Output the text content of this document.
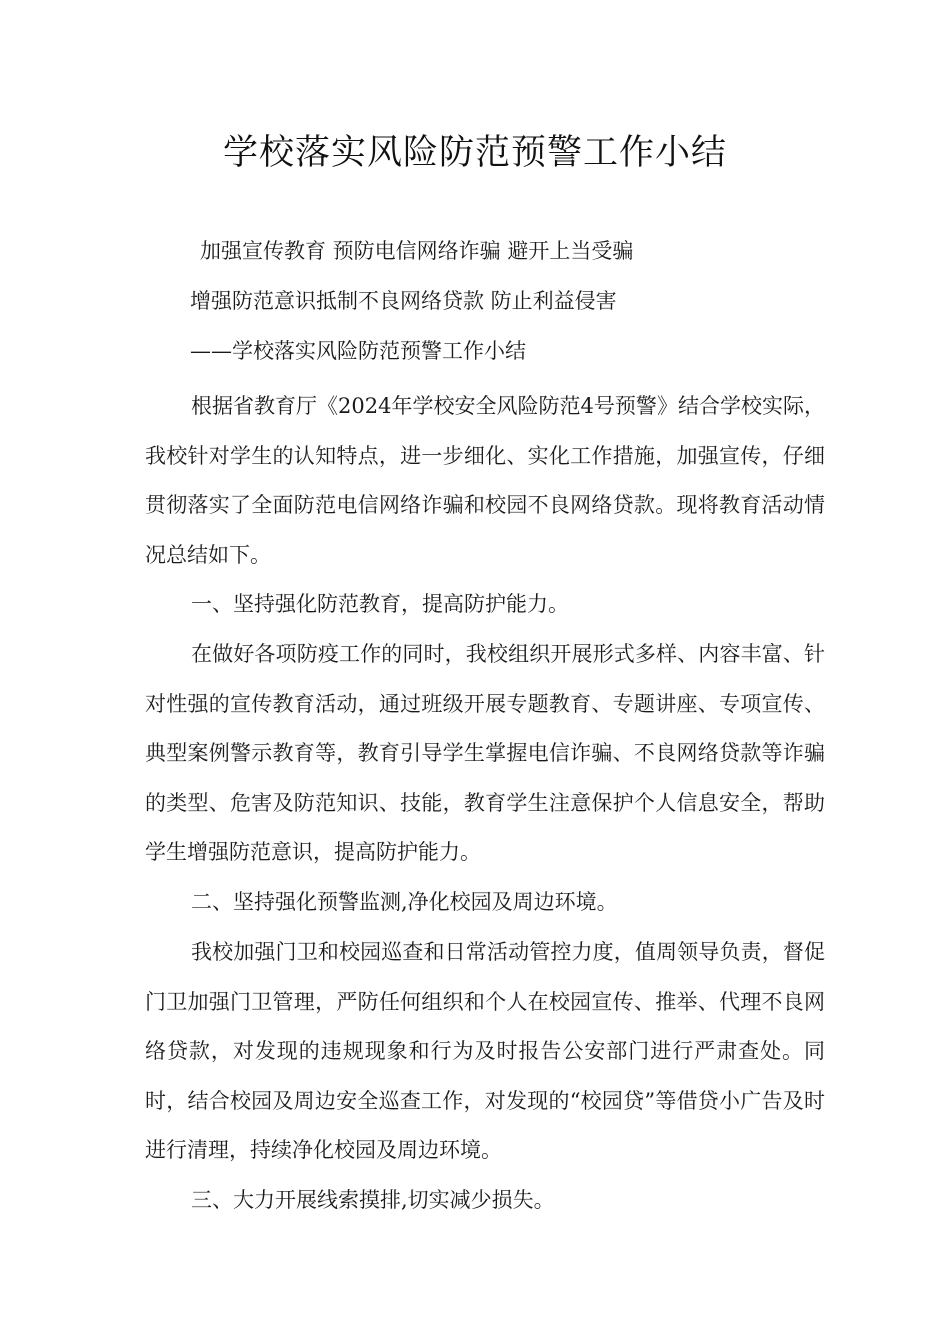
学校落实风险防范预警工作小结
加强宣传教育 预防电信网络诈骗 避开上当受骗
增强防范意识抵制不良网络贷款 防止利益侵害
——学校落实风险防范预警工作小结

根据省教育厅《2024年学校安全风险防范4号预警》结合学校实际，我校针对学生的认知特点，进一步细化、实化工作措施，加强宣传，仔细贯彻落实了全面防范电信网络诈骗和校园不良网络贷款。现将教育活动情况总结如下。

一、坚持强化防范教育，提高防护能力。

在做好各项防疫工作的同时，我校组织开展形式多样、内容丰富、针对性强的宣传教育活动，通过班级开展专题教育、专题讲座、专项宣传、典型案例警示教育等，教育引导学生掌握电信诈骗、不良网络贷款等诈骗的类型、危害及防范知识、技能，教育学生注意保护个人信息安全，帮助学生增强防范意识，提高防护能力。

二、坚持强化预警监测,净化校园及周边环境。

我校加强门卫和校园巡查和日常活动管控力度，值周领导负责，督促门卫加强门卫管理，严防任何组织和个人在校园宣传、推举、代理不良网络贷款，对发现的违规现象和行为及时报告公安部门进行严肃查处。同时，结合校园及周边安全巡查工作，对发现的“校园贷”等借贷小广告及时进行清理，持续净化校园及周边环境。

三、大力开展线索摸排,切实减少损失。
